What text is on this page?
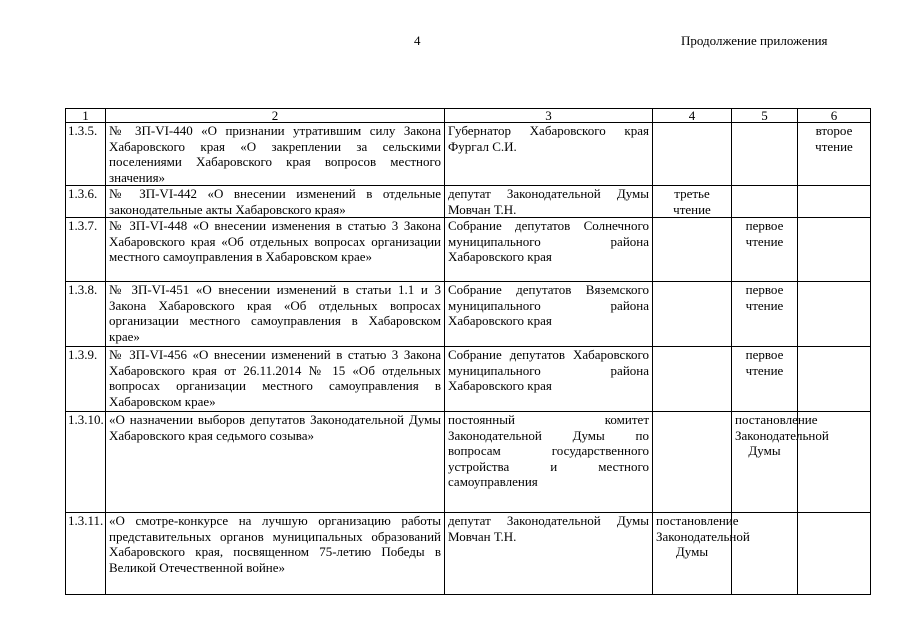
4	Продолжение приложения
1	2	3	4	5	6
1.3.5.	№ ЗП-VI-440 «О признании утратившим силу Закона Хабаровского края «О закреплении за сельскими поселениями Хабаровского края вопросов местного значения»	Губернатор Хабаровского края Фургал С.И.			второе чтение
1.3.6.	№ ЗП-VI-442 «О внесении изменений в отдельные законодательные акты Хабаровского края»	депутат Законодательной Думы Мовчан Т.Н.	третье чтение		
1.3.7.	№ ЗП-VI-448 «О внесении изменения в статью 3 Закона Хабаровского края «Об отдельных вопросах организации местного самоуправления в Хабаровском крае»	Собрание депутатов Солнечного муниципального района Хабаровского края		первое чтение	
1.3.8.	№ ЗП-VI-451 «О внесении изменений в статьи 1.1 и 3 Закона Хабаровского края «Об отдельных вопросах организации местного самоуправления в Хабаровском крае»	Собрание депутатов Вяземского муниципального района Хабаровского края		первое чтение	
1.3.9.	№ ЗП-VI-456 «О внесении изменений в статью 3 Закона Хабаровского края от 26.11.2014 № 15 «Об отдельных вопросах организации местного самоуправления в Хабаровском крае»	Собрание депутатов Хабаровского муниципального района Хабаровского края		первое чтение	
1.3.10.	«О назначении выборов депутатов Законодательной Думы Хабаровского края седьмого созыва»	постоянный комитет Законодательной Думы по вопросам государственного устройства и местного самоуправления		постановление Законодательной Думы	
1.3.11.	«О смотре-конкурсе на лучшую организацию работы представительных органов муниципальных образований Хабаровского края, посвященном 75-летию Победы в Великой Отечественной войне»	депутат Законодательной Думы Мовчан Т.Н.	постановление Законодательной Думы		
